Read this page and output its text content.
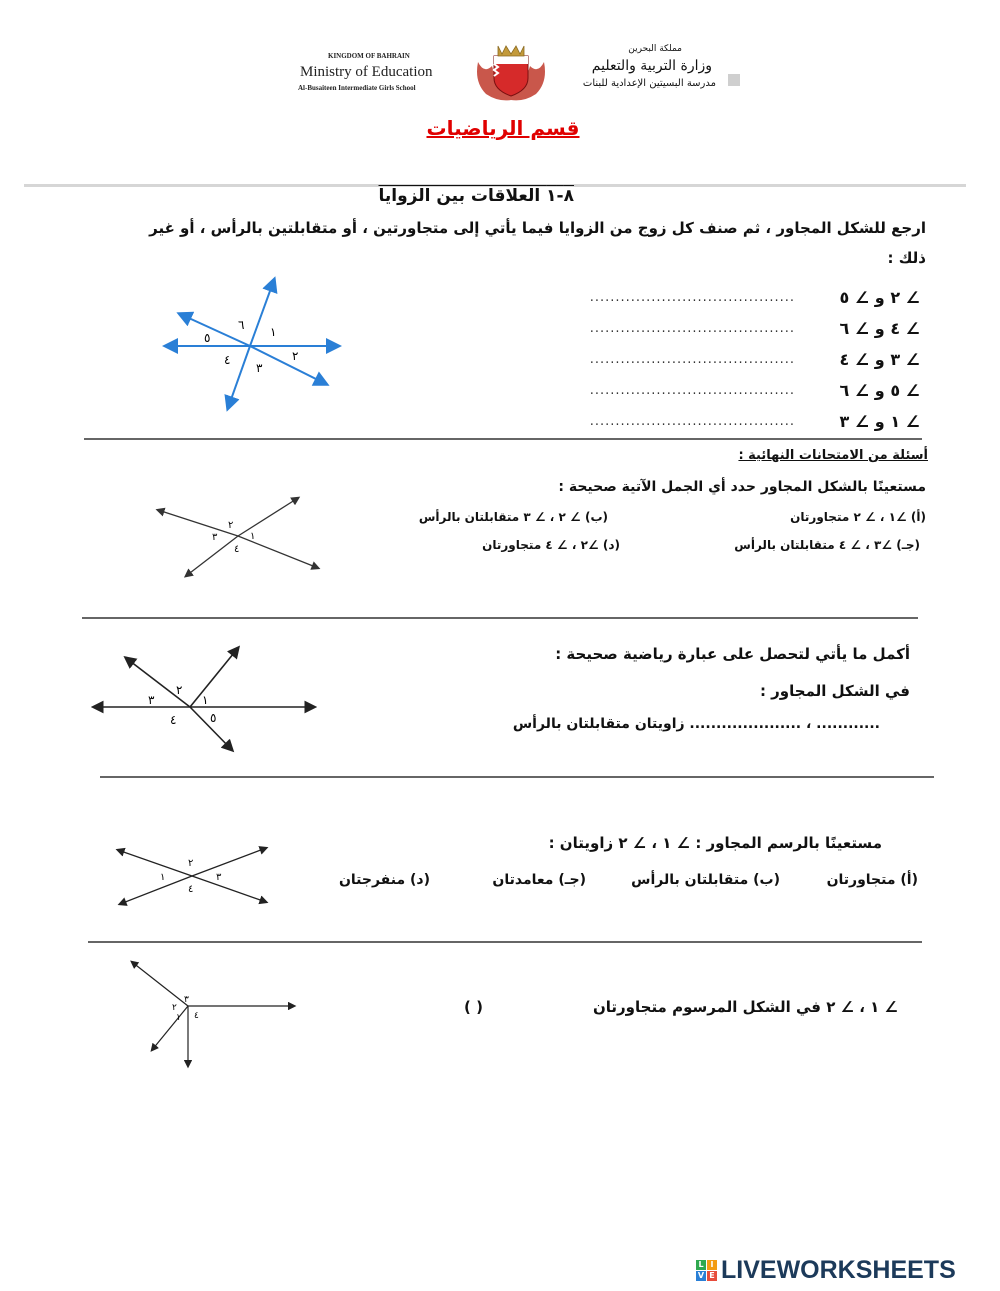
KINGDOM OF BAHRAIN
Ministry of Education
Al-Busaiteen Intermediate Girls School
مملكة البحرين
وزارة التربية والتعليم
مدرسة البسيتين الإعدادية للبنات
قسم الرياضيات
٨-١ العلاقات بين الزوايا
ارجع للشكل المجاور ، ثم صنف كل زوج من الزوايا فيما يأتي إلى متجاورتين ، أو متقابلتين بالرأس ، أو غير
ذلك :
∠ ٢ و ∠ ٥
........................................
∠ ٤ و ∠ ٦
........................................
∠ ٣ و ∠ ٤
........................................
∠ ٥ و ∠ ٦
........................................
∠ ١ و ∠ ٣
........................................
٦ ١
٢
٣
٤
٥
أسئلة من الامتحانات النهائية :
مستعينًا بالشكل المجاور حدد أي الجمل الآتية صحيحة :
(أ) ∠١ ، ∠ ٢ متجاورتان
(ب) ∠ ٢ ، ∠ ٣ متقابلتان بالرأس
(جـ) ∠٣ ، ∠ ٤ متقابلتان بالرأس
(د) ∠٢ ، ∠ ٤ متجاورتان
٢
١
٣
٤
أكمل ما يأتي لتحصل على عبارة رياضية صحيحة :
في الشكل المجاور :
............ ، ..................... زاويتان متقابلتان بالرأس
٢
١
٣
٤	٥
مستعينًا بالرسم المجاور : ∠ ١ ، ∠ ٢ زاويتان :
(أ) متجاورتان
(ب) متقابلتان بالرأس
(جـ) معامدتان
(د) منفرجتان
٢
١	٣
٤
∠ ١ ، ∠ ٢ في الشكل المرسوم متجاورتان
( )
٣
٢
١ ٤
L I
V E LIVEWORKSHEETS
